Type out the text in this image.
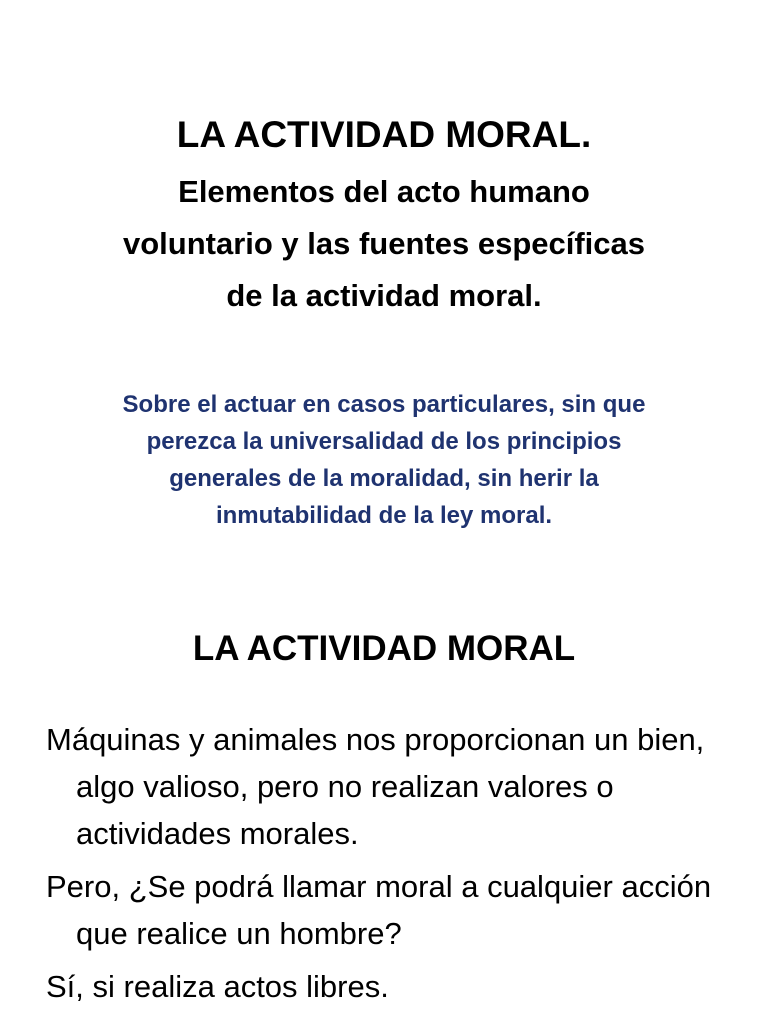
LA ACTIVIDAD MORAL.
Elementos del acto humano
voluntario y las fuentes específicas
de la actividad moral.
Sobre el actuar en casos particulares, sin que
perezca la universalidad de los principios
generales de la moralidad, sin herir la
inmutabilidad de la ley moral.
LA ACTIVIDAD MORAL
Máquinas y animales nos proporcionan un bien, algo valioso, pero no realizan valores o actividades morales.
Pero, ¿Se podrá llamar moral a cualquier acción que realice un hombre?
Sí, si realiza actos libres.
